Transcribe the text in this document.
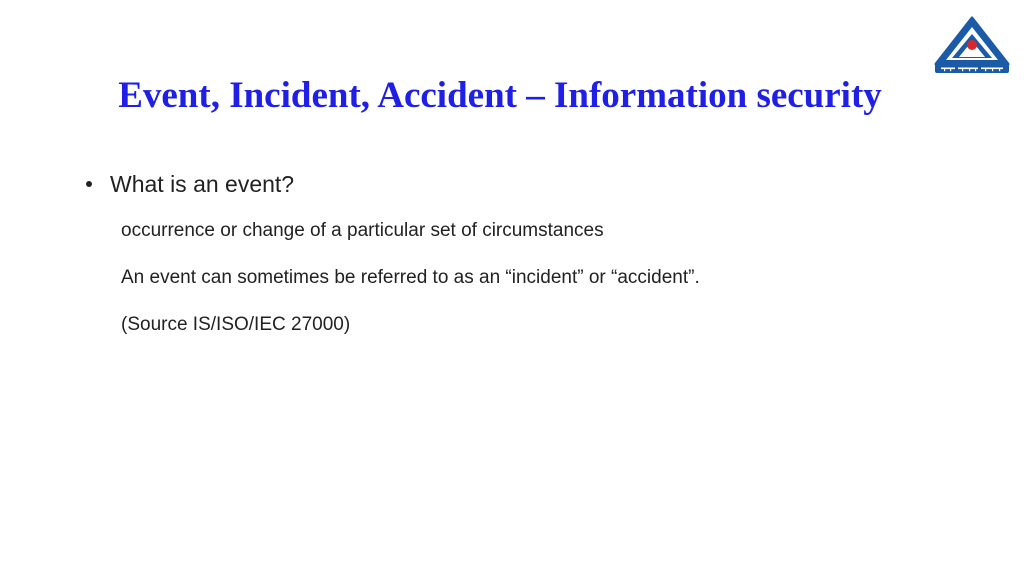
Event, Incident, Accident – Information security
What is an event?
occurrence or change of a particular set of circumstances
An event can sometimes be referred to as an “incident” or “accident”.
(Source IS/ISO/IEC 27000)
